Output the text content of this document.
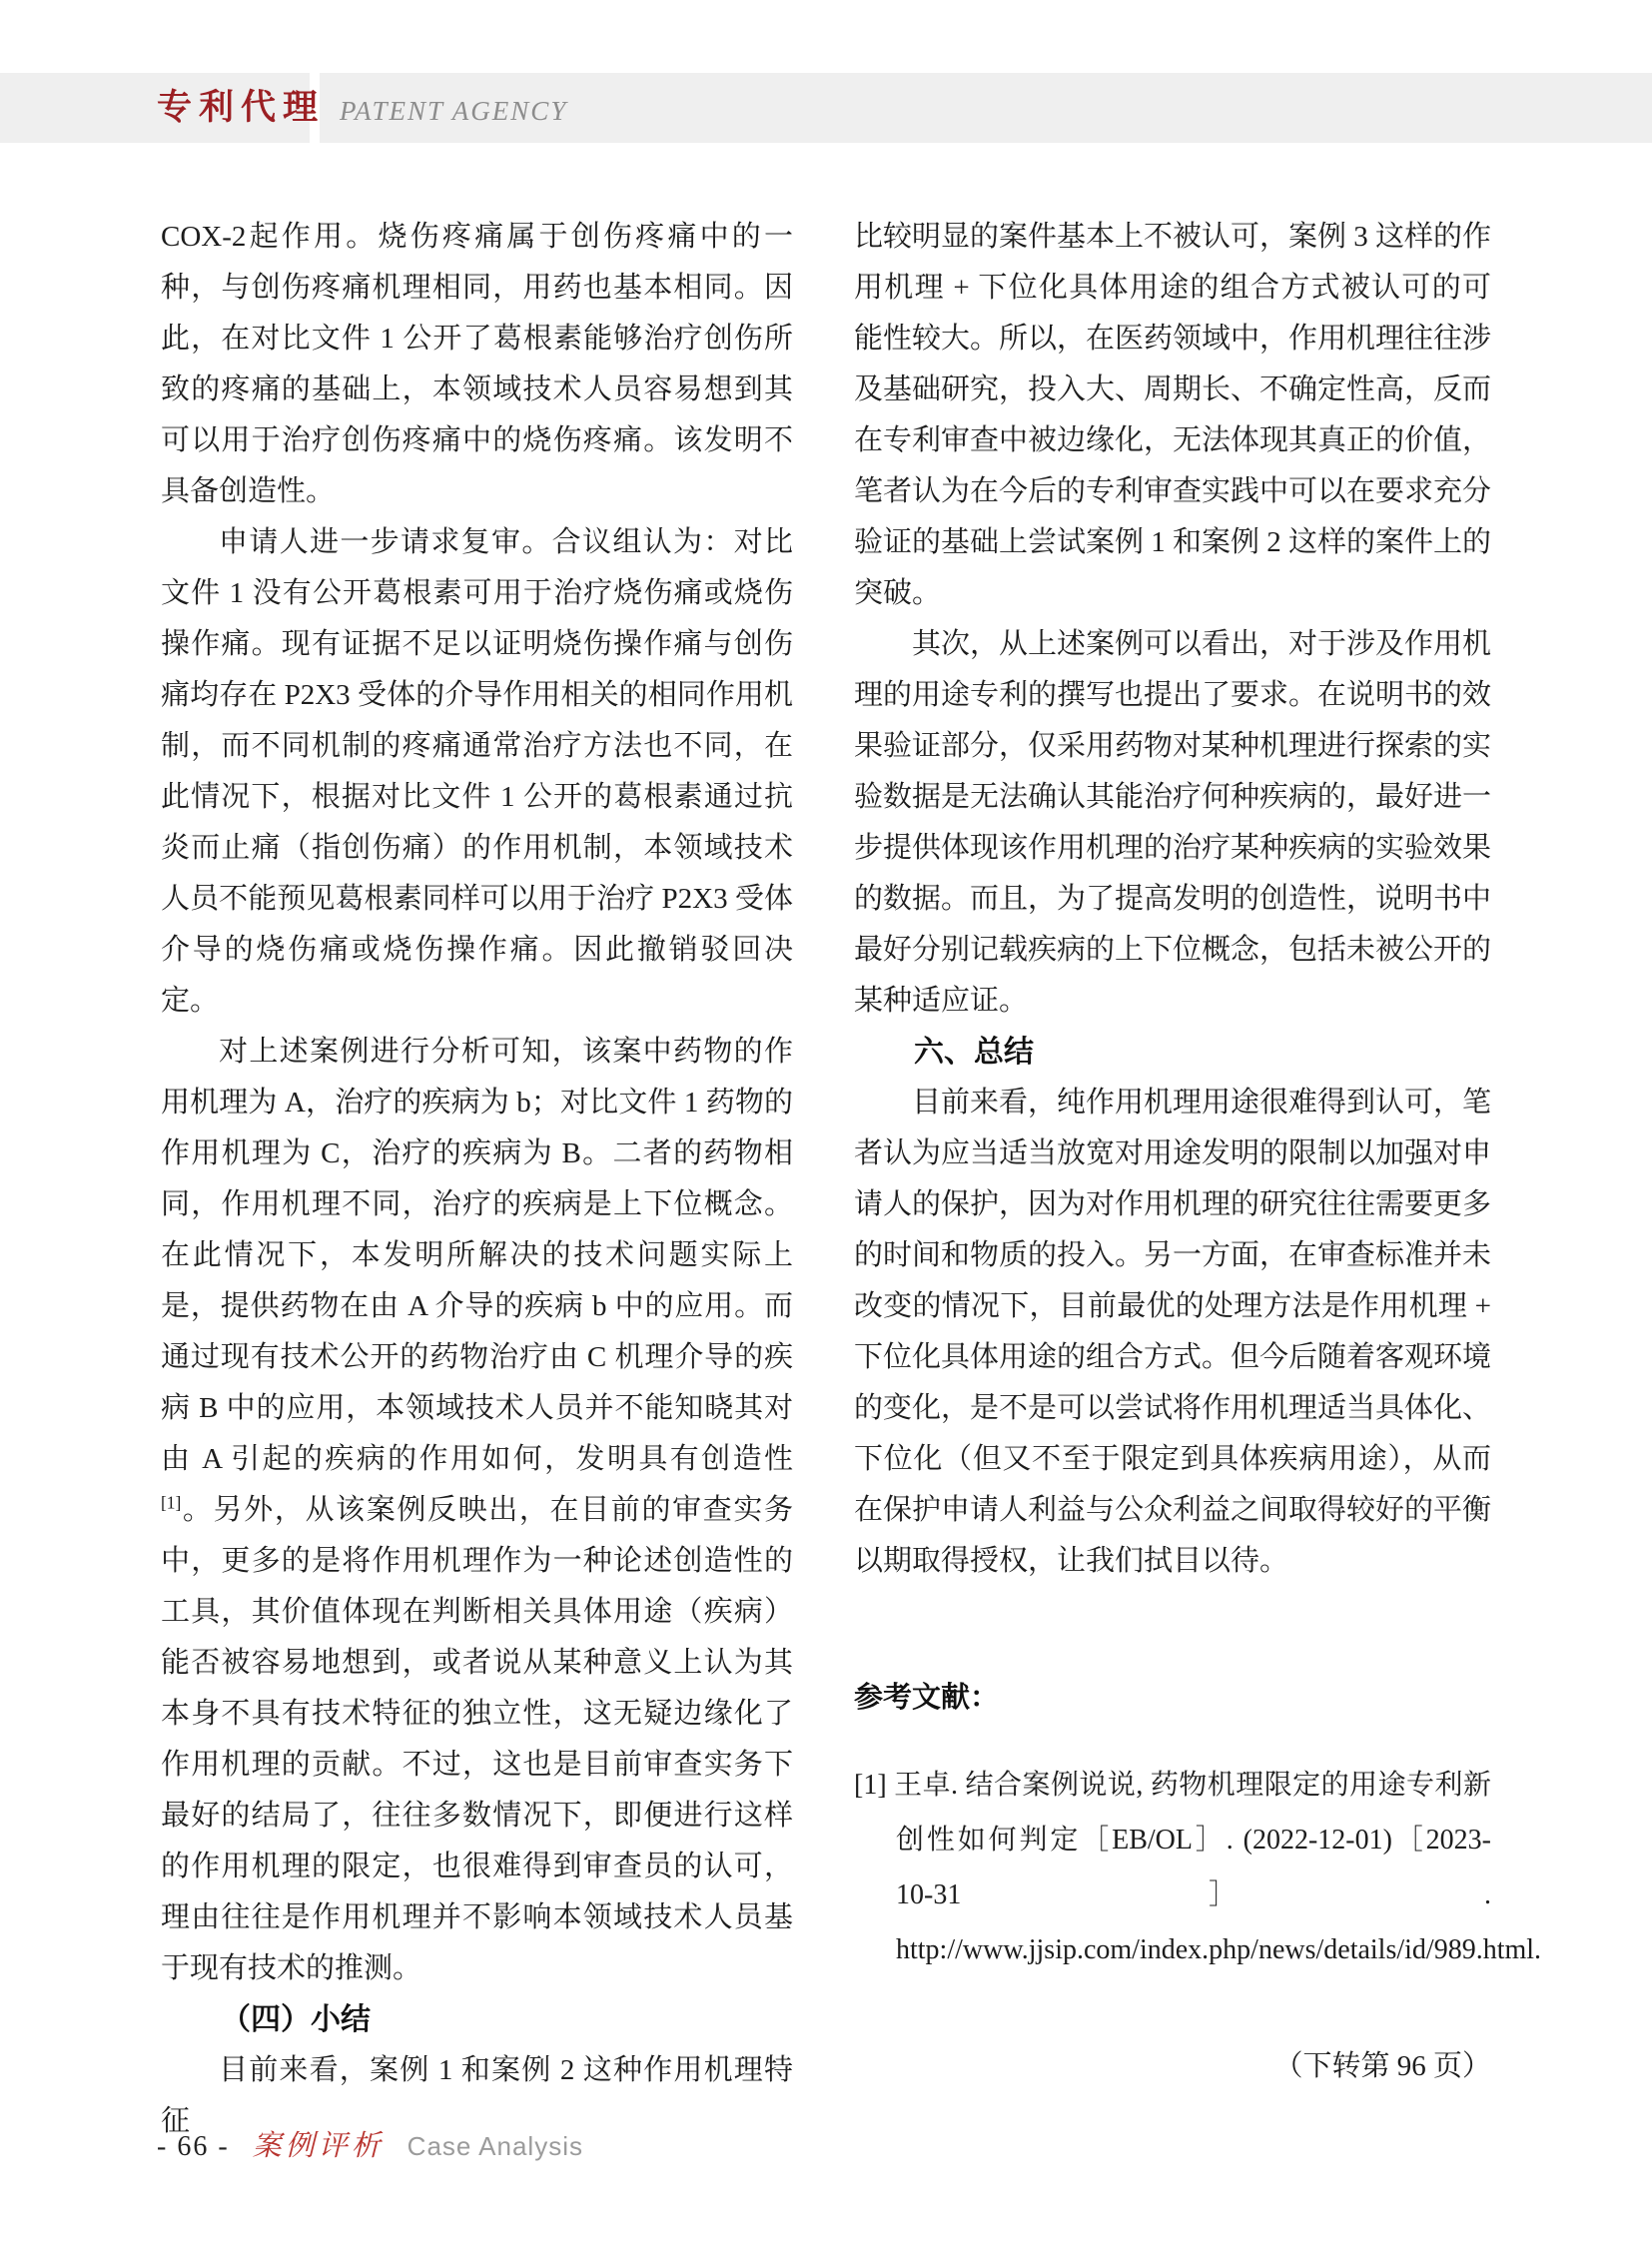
专利代理 PATENT AGENCY

COX-2起作用。烧伤疼痛属于创伤疼痛中的一种，与创伤疼痛机理相同，用药也基本相同。因此，在对比文件 1 公开了葛根素能够治疗创伤所致的疼痛的基础上，本领域技术人员容易想到其可以用于治疗创伤疼痛中的烧伤疼痛。该发明不具备创造性。

申请人进一步请求复审。合议组认为：对比文件 1 没有公开葛根素可用于治疗烧伤痛或烧伤操作痛。现有证据不足以证明烧伤操作痛与创伤痛均存在 P2X3 受体的介导作用相关的相同作用机制，而不同机制的疼痛通常治疗方法也不同，在此情况下，根据对比文件 1 公开的葛根素通过抗炎而止痛（指创伤痛）的作用机制，本领域技术人员不能预见葛根素同样可以用于治疗 P2X3 受体介导的烧伤痛或烧伤操作痛。因此撤销驳回决定。

对上述案例进行分析可知，该案中药物的作用机理为 A，治疗的疾病为 b；对比文件 1 药物的作用机理为 C，治疗的疾病为 B。二者的药物相同，作用机理不同，治疗的疾病是上下位概念。在此情况下，本发明所解决的技术问题实际上是，提供药物在由 A 介导的疾病 b 中的应用。而通过现有技术公开的药物治疗由 C 机理介导的疾病 B 中的应用，本领域技术人员并不能知晓其对由 A 引起的疾病的作用如何，发明具有创造性[1]。另外，从该案例反映出，在目前的审查实务中，更多的是将作用机理作为一种论述创造性的工具，其价值体现在判断相关具体用途（疾病）能否被容易地想到，或者说从某种意义上认为其本身不具有技术特征的独立性，这无疑边缘化了作用机理的贡献。不过，这也是目前审查实务下最好的结局了，往往多数情况下，即便进行这样的作用机理的限定，也很难得到审查员的认可，理由往往是作用机理并不影响本领域技术人员基于现有技术的推测。

（四）小结

目前来看，案例 1 和案例 2 这种作用机理特征

比较明显的案件基本上不被认可，案例 3 这样的作用机理 + 下位化具体用途的组合方式被认可的可能性较大。所以，在医药领域中，作用机理往往涉及基础研究，投入大、周期长、不确定性高，反而在专利审查中被边缘化，无法体现其真正的价值，笔者认为在今后的专利审查实践中可以在要求充分验证的基础上尝试案例 1 和案例 2 这样的案件上的突破。

其次，从上述案例可以看出，对于涉及作用机理的用途专利的撰写也提出了要求。在说明书的效果验证部分，仅采用药物对某种机理进行探索的实验数据是无法确认其能治疗何种疾病的，最好进一步提供体现该作用机理的治疗某种疾病的实验效果的数据。而且，为了提高发明的创造性，说明书中最好分别记载疾病的上下位概念，包括未被公开的某种适应证。

六、总结

目前来看，纯作用机理用途很难得到认可，笔者认为应当适当放宽对用途发明的限制以加强对申请人的保护，因为对作用机理的研究往往需要更多的时间和物质的投入。另一方面，在审查标准并未改变的情况下，目前最优的处理方法是作用机理 + 下位化具体用途的组合方式。但今后随着客观环境的变化，是不是可以尝试将作用机理适当具体化、下位化（但又不至于限定到具体疾病用途），从而在保护申请人利益与公众利益之间取得较好的平衡以期取得授权，让我们拭目以待。

参考文献：

[1] 王卓. 结合案例说说, 药物机理限定的用途专利新创性如何判定［EB/OL］. (2022-12-01)［2023-10-31］. http://www.jjsip.com/index.php/news/details/id/989.html.

（下转第 96 页）

- 66 - 案例评析 Case Analysis
